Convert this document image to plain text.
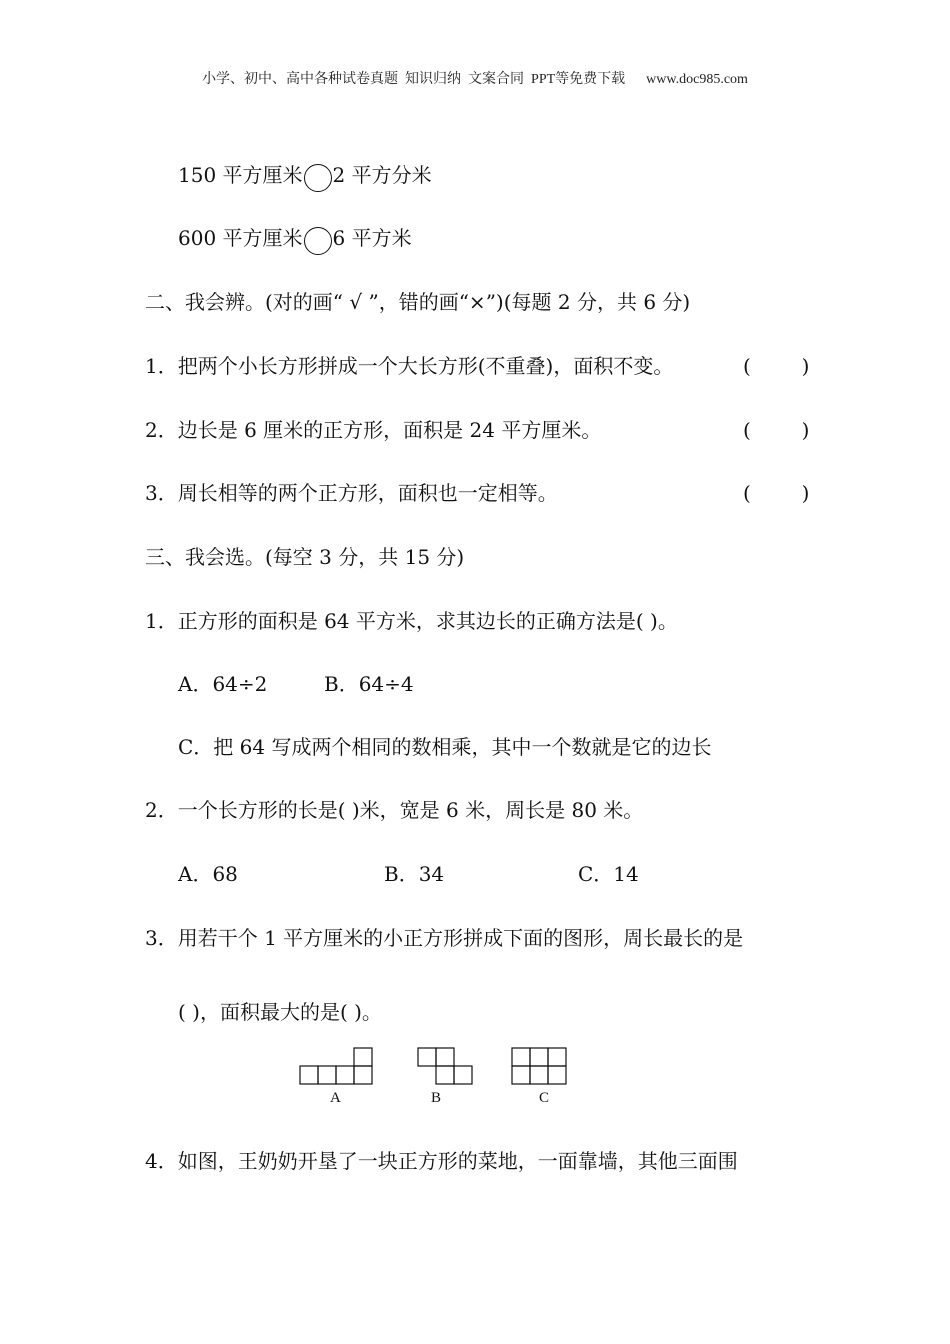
小学、初中、高中各种试卷真题  知识归纳  文案合同  PPT等免费下载      www.doc985.com
150 平方厘米 2 平方分米
600 平方厘米 6 平方米
二、我会辨。(对的画“ √ ”，错的画“×”)(每题 2 分，共 6 分)
1．把两个小长方形拼成一个大长方形(不重叠)，面积不变。	(        )
2．边长是 6 厘米的正方形，面积是 24 平方厘米。	(        )
3．周长相等的两个正方形，面积也一定相等。	(        )
三、我会选。(每空 3 分，共 15 分)
1．正方形的面积是 64 平方米，求其边长的正确方法是( )。
A．64÷2	B．64÷4
C．把 64 写成两个相同的数相乘，其中一个数就是它的边长
2．一个长方形的长是( )米，宽是 6 米，周长是 80 米。
A．68	B．34	C．14
3．用若干个 1 平方厘米的小正方形拼成下面的图形，周长最长的是
( )，面积最大的是( )。
A	B	C
4．如图，王奶奶开垦了一块正方形的菜地，一面靠墙，其他三面围
